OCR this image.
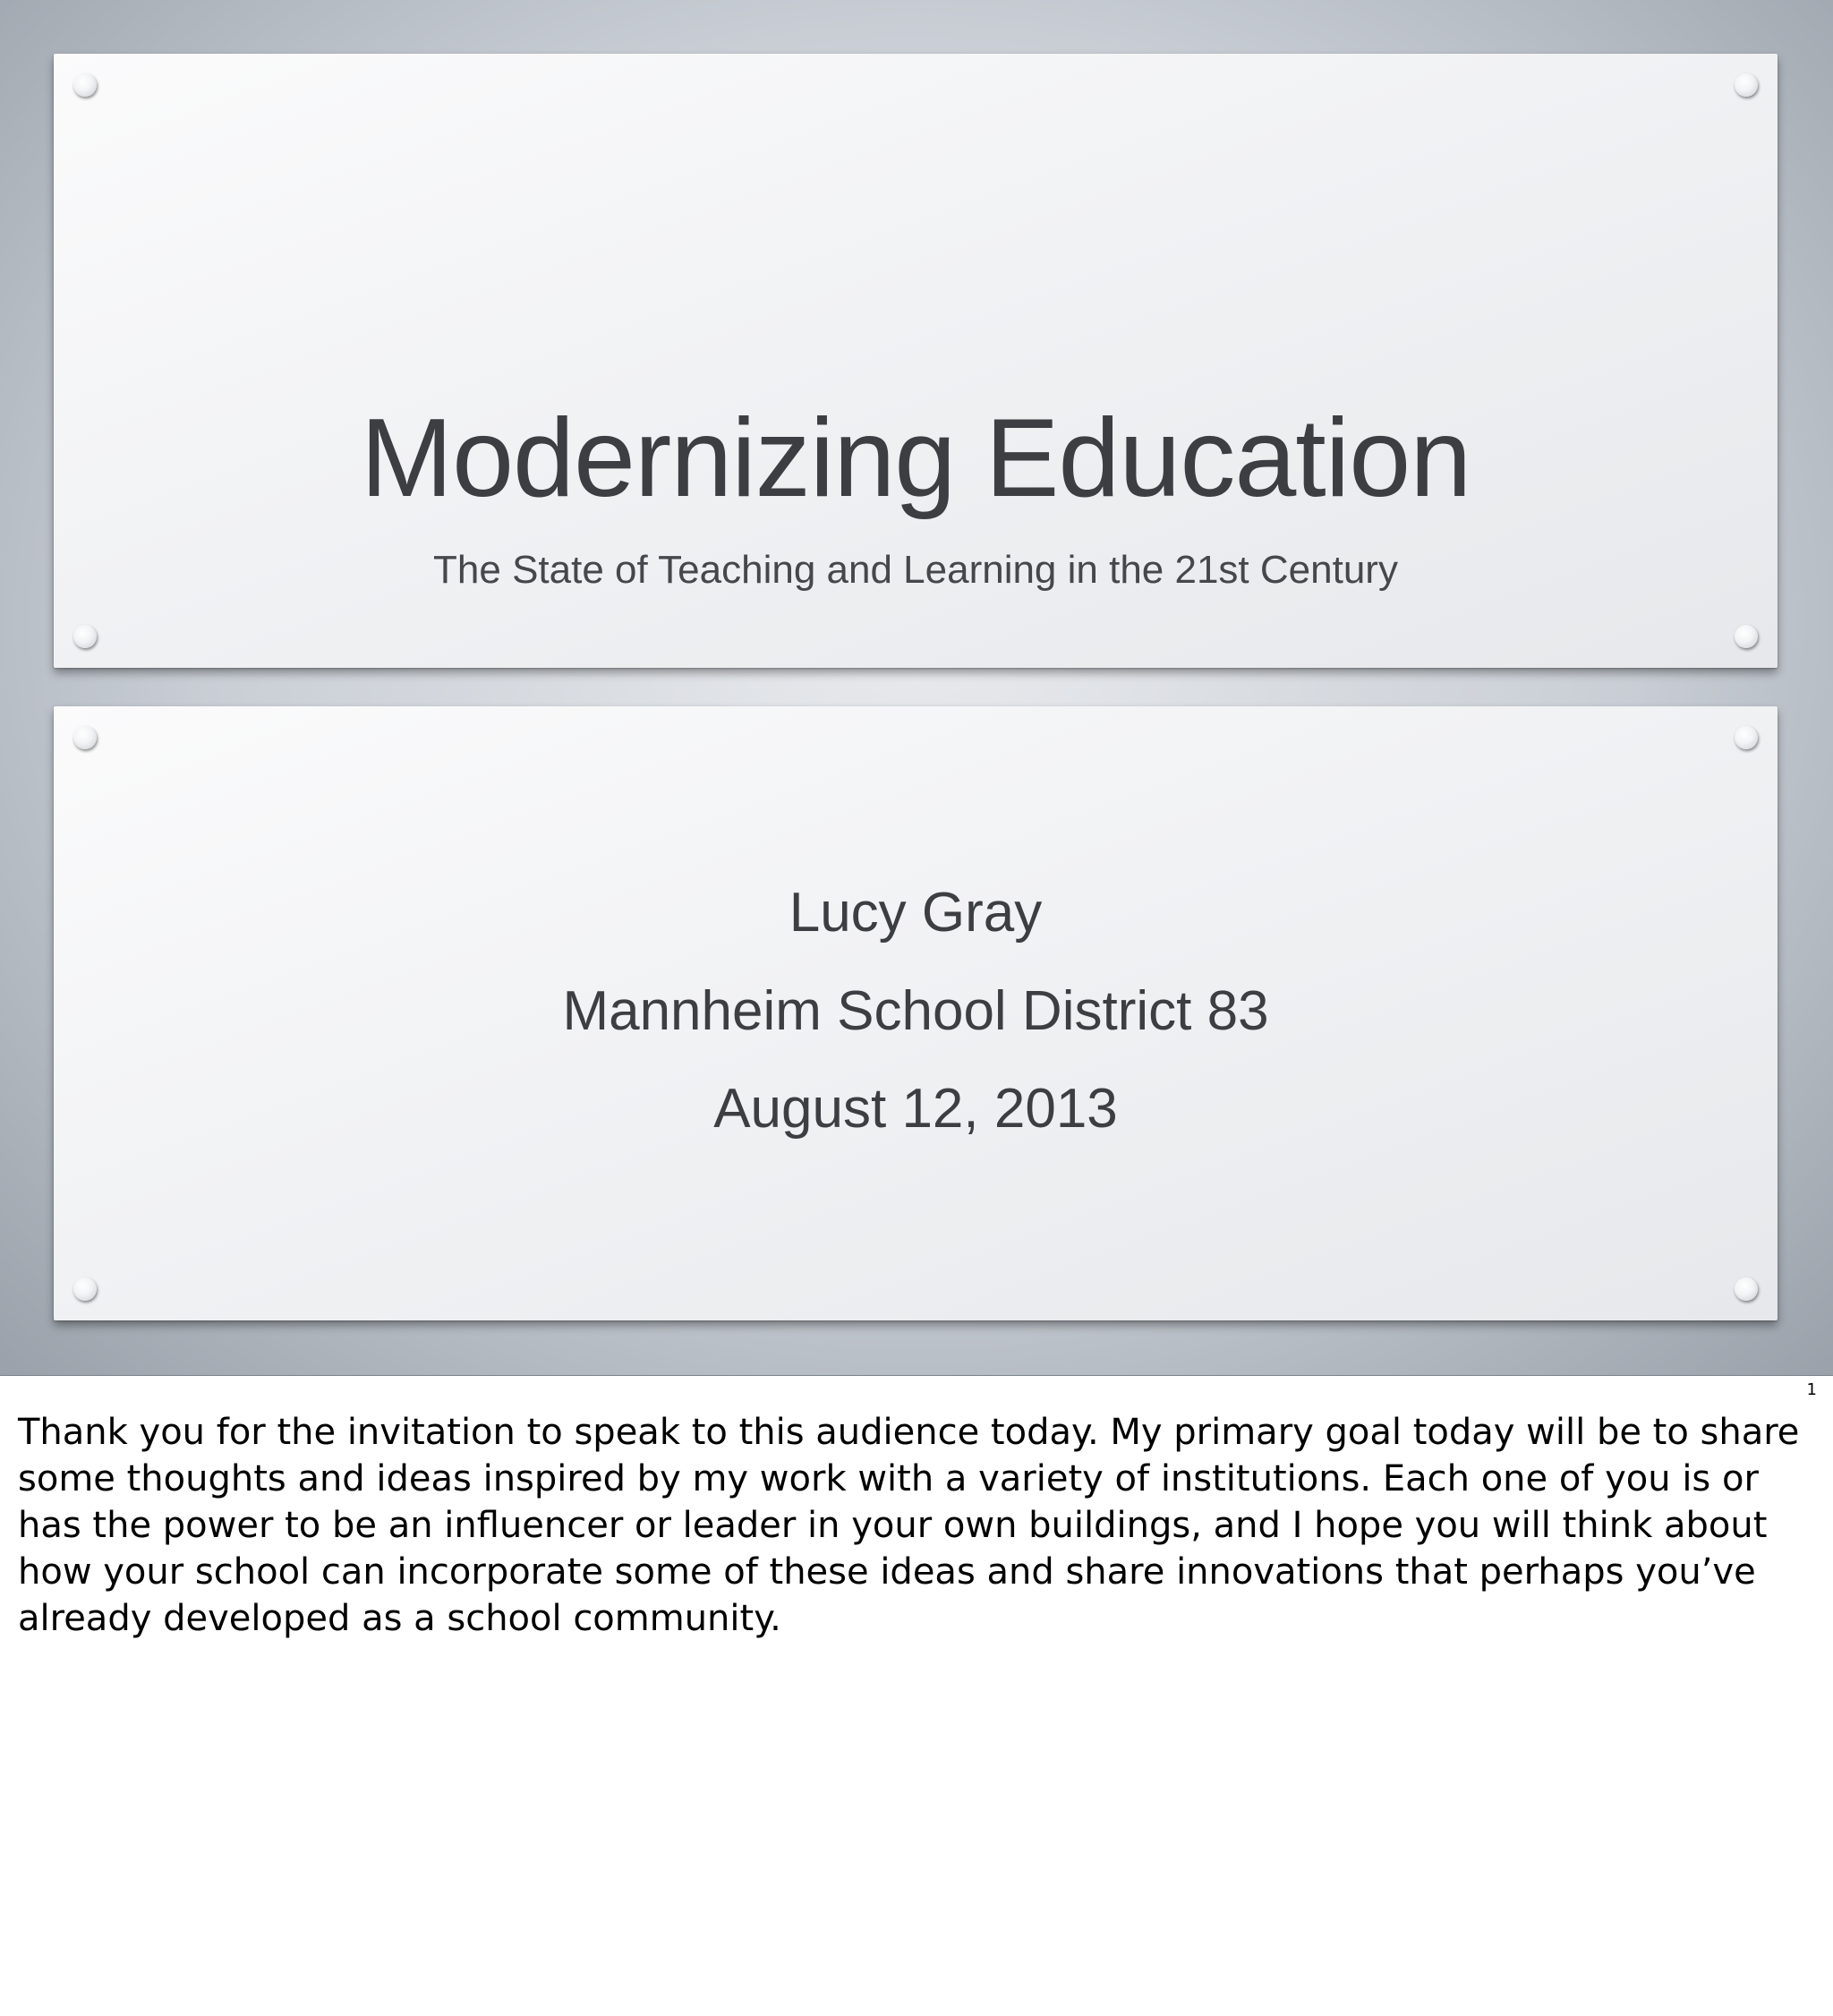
Modernizing Education
The State of Teaching and Learning in the 21st Century
Lucy Gray
Mannheim School District 83
August 12, 2013
1

Thank you for the invitation to speak to this audience today. My primary goal today will be to share some thoughts and ideas inspired by my work with a variety of institutions. Each one of you is or has the power to be an influencer or leader in your own buildings, and I hope you will think about how your school can incorporate some of these ideas and share innovations that perhaps you’ve already developed as a school community.
